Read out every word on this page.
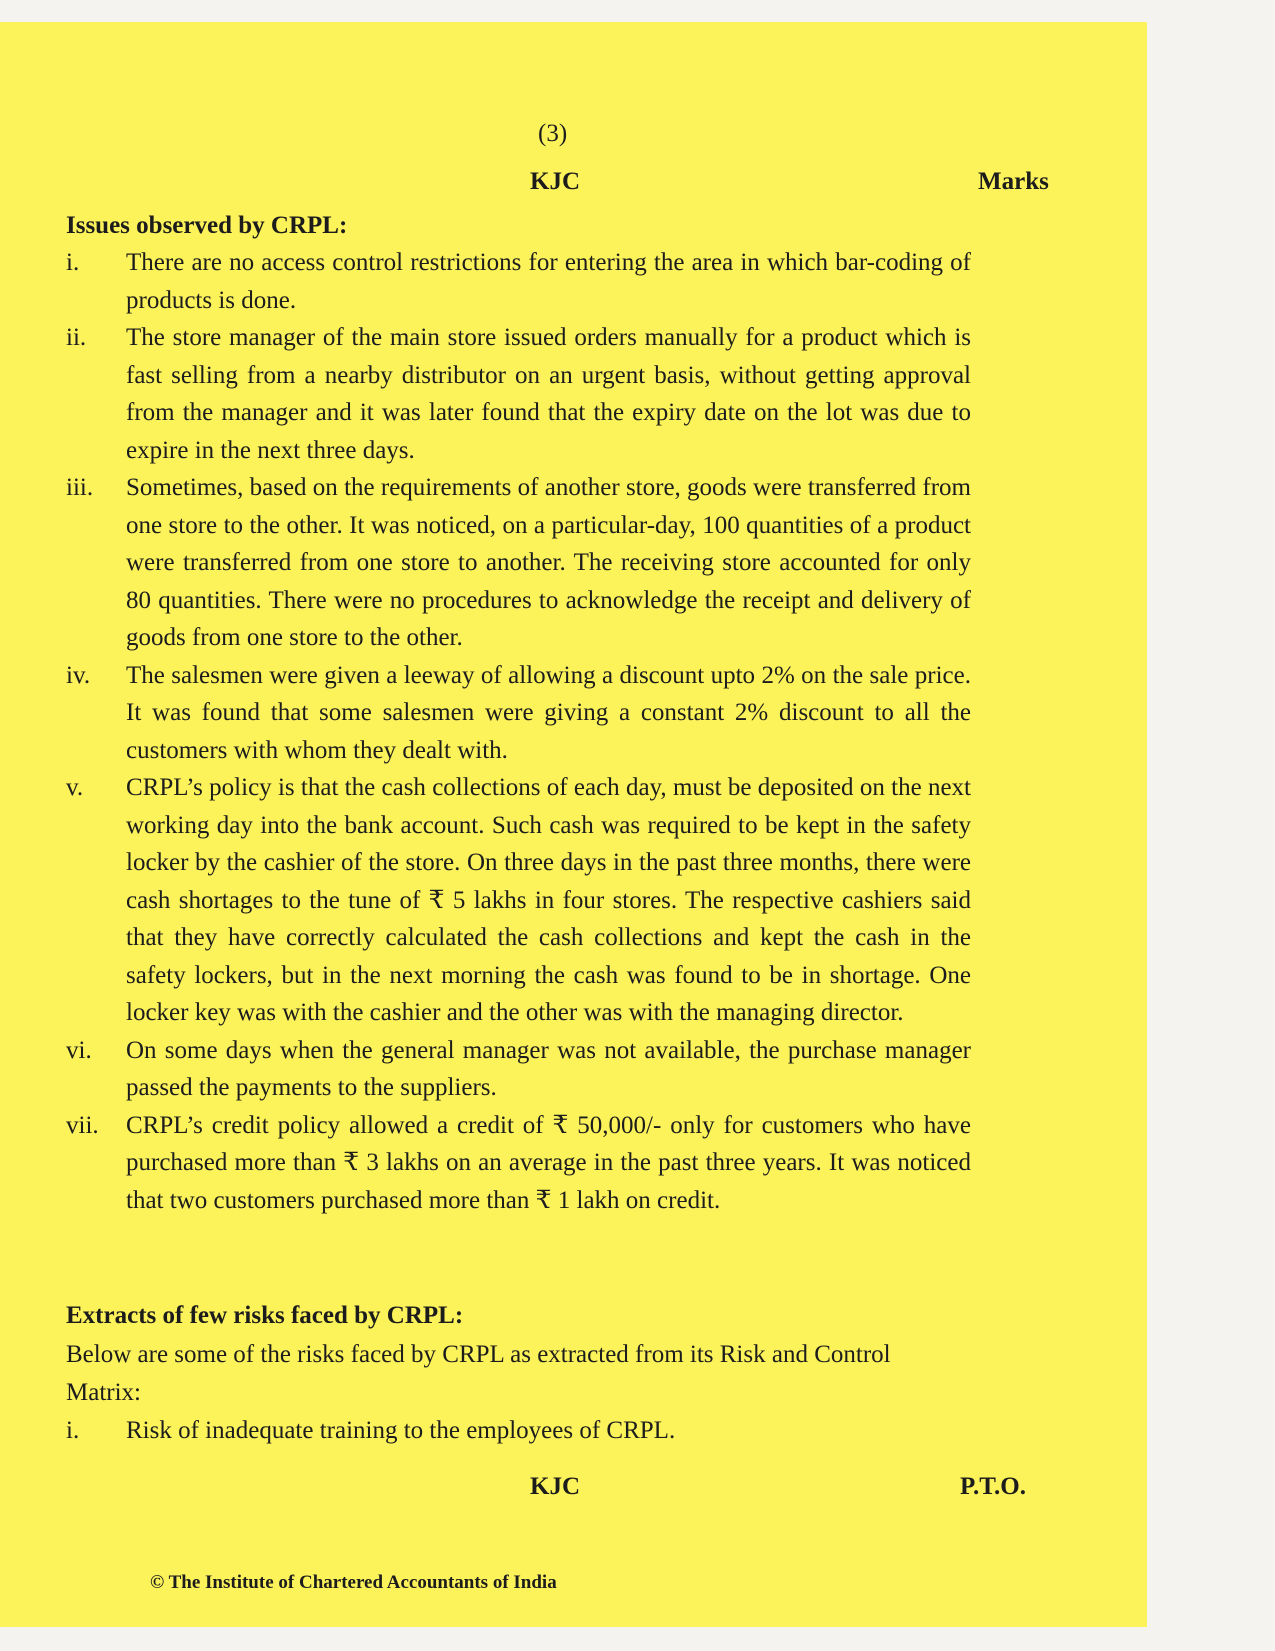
(3)
KJC	Marks
Issues observed by CRPL:
i.	There are no access control restrictions for entering the area in which bar-coding of products is done.
ii.	The store manager of the main store issued orders manually for a product which is fast selling from a nearby distributor on an urgent basis, without getting approval from the manager and it was later found that the expiry date on the lot was due to expire in the next three days.
iii.	Sometimes, based on the requirements of another store, goods were transferred from one store to the other. It was noticed, on a particular-day, 100 quantities of a product were transferred from one store to another. The receiving store accounted for only 80 quantities. There were no procedures to acknowledge the receipt and delivery of goods from one store to the other.
iv.	The salesmen were given a leeway of allowing a discount upto 2% on the sale price. It was found that some salesmen were giving a constant 2% discount to all the customers with whom they dealt with.
v.	CRPL’s policy is that the cash collections of each day, must be deposited on the next working day into the bank account. Such cash was required to be kept in the safety locker by the cashier of the store. On three days in the past three months, there were cash shortages to the tune of ₹ 5 lakhs in four stores. The respective cashiers said that they have correctly calculated the cash collections and kept the cash in the safety lockers, but in the next morning the cash was found to be in shortage. One locker key was with the cashier and the other was with the managing director.
vi.	On some days when the general manager was not available, the purchase manager passed the payments to the suppliers.
vii.	CRPL’s credit policy allowed a credit of ₹ 50,000/- only for customers who have purchased more than ₹ 3 lakhs on an average in the past three years. It was noticed that two customers purchased more than ₹ 1 lakh on credit.
Extracts of few risks faced by CRPL:
Below are some of the risks faced by CRPL as extracted from its Risk and Control Matrix:
i.	Risk of inadequate training to the employees of CRPL.
KJC	P.T.O.
© The Institute of Chartered Accountants of India
